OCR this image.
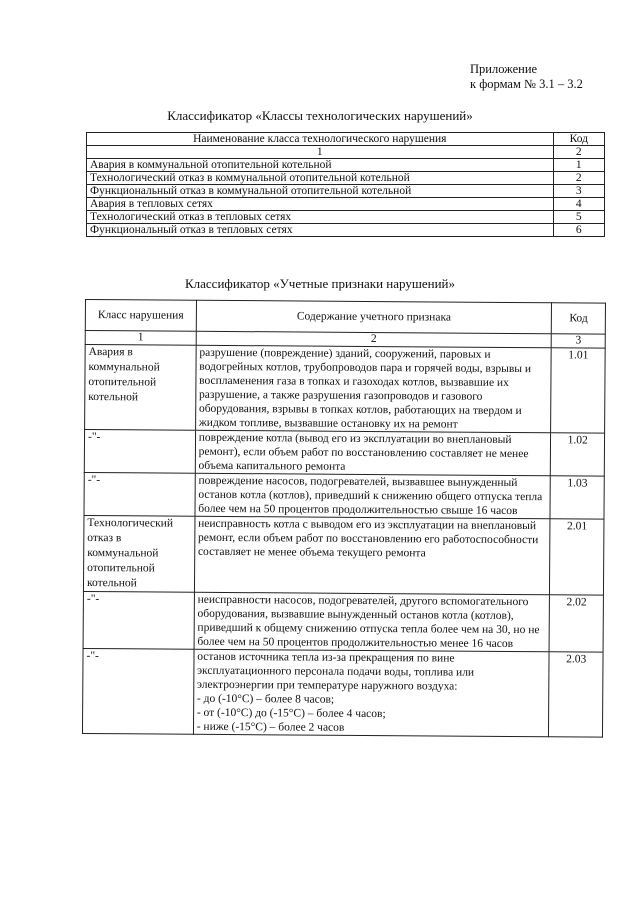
Приложение
к формам № 3.1 – 3.2
Классификатор «Классы технологических нарушений»
Наименование класса технологического нарушения	Код
1	2
Авария в коммунальной отопительной котельной	1
Технологический отказ в коммунальной отопительной котельной	2
Функциональный отказ в коммунальной отопительной котельной	3
Авария в тепловых сетях	4
Технологический отказ в тепловых сетях	5
Функциональный отказ в тепловых сетях	6
Классификатор «Учетные признаки нарушений»
Класс нарушения	Содержание учетного признака	Код
1	2	3
Авария в коммунальной отопительной котельной	разрушение (повреждение) зданий, сооружений, паровых и водогрейных котлов, трубопроводов пара и горячей воды, взрывы и воспламенения газа в топках и газоходах котлов, вызвавшие их разрушение, а также разрушения газопроводов и газового оборудования, взрывы в топках котлов, работающих на твердом и жидком топливе, вызвавшие остановку их на ремонт	1.01
-"-	повреждение котла (вывод его из эксплуатации во внеплановый ремонт), если объем работ по восстановлению составляет не менее объема капитального ремонта	1.02
-"-	повреждение насосов, подогревателей, вызвавшее вынужденный останов котла (котлов), приведший к снижению общего отпуска тепла более чем на 50 процентов продолжительностью свыше 16 часов	1.03
Технологический отказ в коммунальной отопительной котельной	неисправность котла с выводом его из эксплуатации на внеплановый ремонт, если объем работ по восстановлению его работоспособности составляет не менее объема текущего ремонта	2.01
-"-	неисправности насосов, подогревателей, другого вспомогательного оборудования, вызвавшие вынужденный останов котла (котлов), приведший к общему снижению отпуска тепла более чем на 30, но не более чем на 50 процентов продолжительностью менее 16 часов	2.02
-"-	останов источника тепла из-за прекращения по вине эксплуатационного персонала подачи воды, топлива или электроэнергии при температуре наружного воздуха:
- до (-10°С) – более 8 часов;
- от (-10°С) до (-15°С) – более 4 часов;
- ниже (-15°С) – более 2 часов	2.03
